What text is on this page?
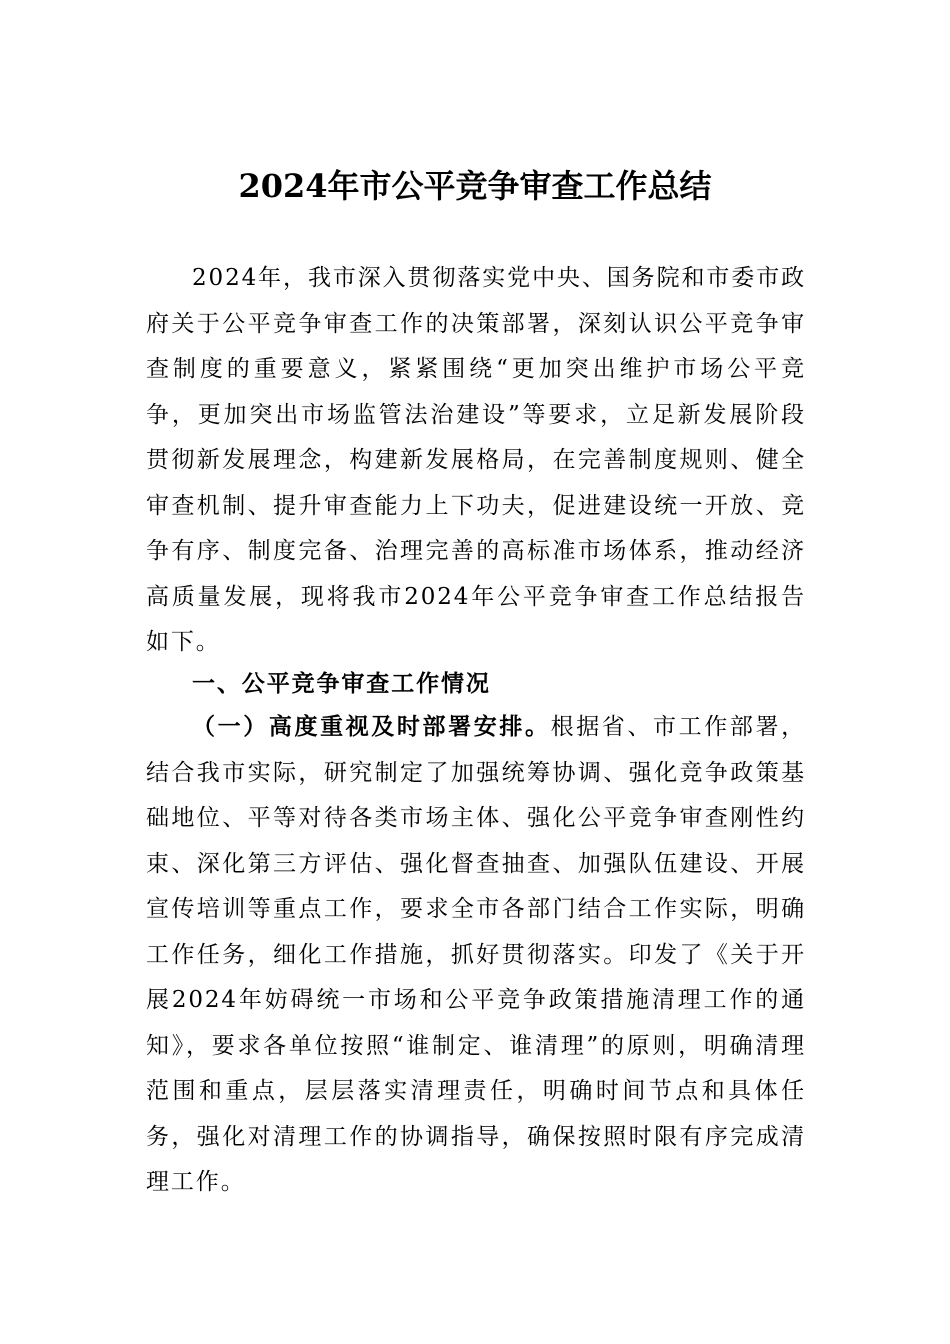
2024年市公平竞争审查工作总结

2024年，我市深入贯彻落实党中央、国务院和市委市政府关于公平竞争审查工作的决策部署，深刻认识公平竞争审查制度的重要意义，紧紧围绕“更加突出维护市场公平竞争，更加突出市场监管法治建设”等要求，立足新发展阶段贯彻新发展理念，构建新发展格局，在完善制度规则、健全审查机制、提升审查能力上下功夫，促进建设统一开放、竞争有序、制度完备、治理完善的高标准市场体系，推动经济高质量发展，现将我市2024年公平竞争审查工作总结报告如下。

一、公平竞争审查工作情况

（一）高度重视及时部署安排。根据省、市工作部署，结合我市实际，研究制定了加强统筹协调、强化竞争政策基础地位、平等对待各类市场主体、强化公平竞争审查刚性约束、深化第三方评估、强化督查抽查、加强队伍建设、开展宣传培训等重点工作，要求全市各部门结合工作实际，明确工作任务，细化工作措施，抓好贯彻落实。印发了《关于开展2024年妨碍统一市场和公平竞争政策措施清理工作的通知》，要求各单位按照“谁制定、谁清理”的原则，明确清理范围和重点，层层落实清理责任，明确时间节点和具体任务，强化对清理工作的协调指导，确保按照时限有序完成清理工作。
